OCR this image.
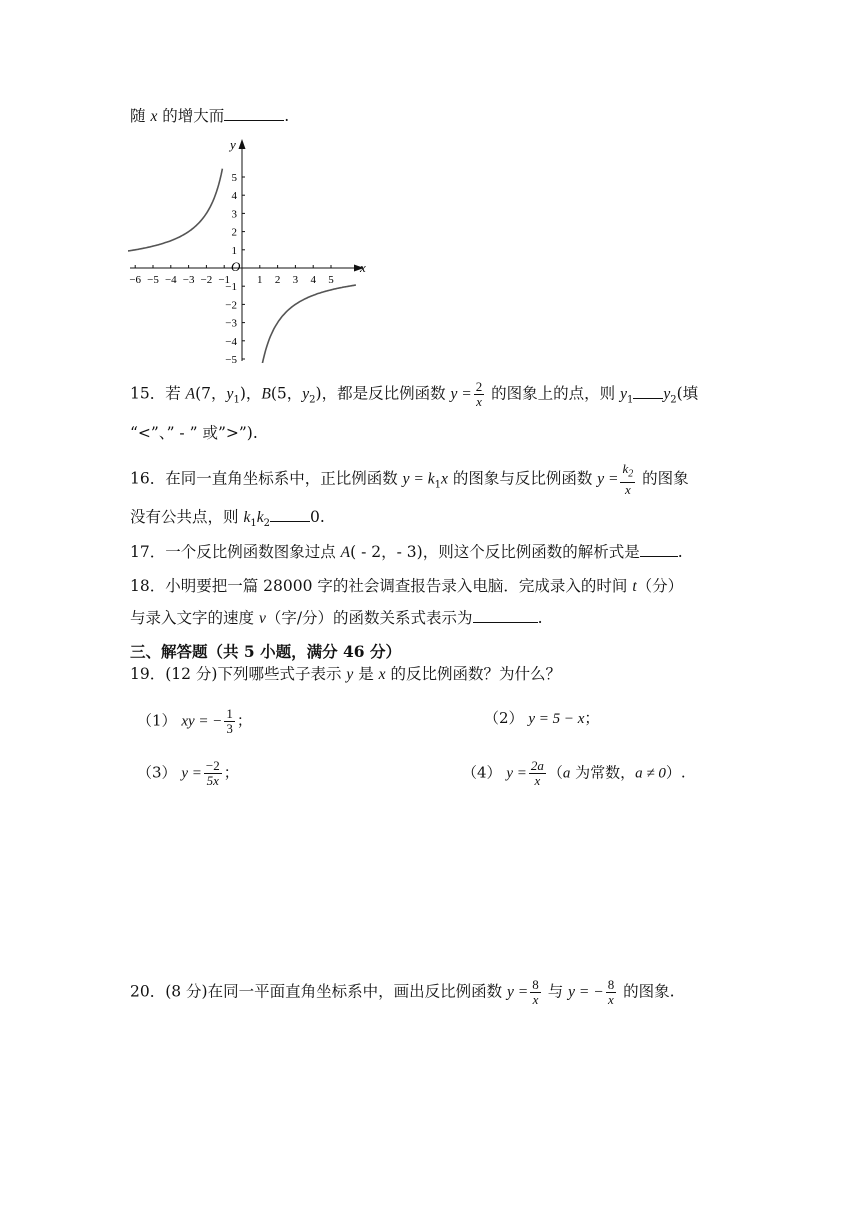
随 x 的增大而	.
x
y
O
−6 −5 −4 −3 −2 −1 1 2 3 4 5
5
4
3
2
1
−1
−2
−3
−4
−5
15．若 A(7，$y_1$)，B(5，$y_2$)，都是反比例函数 $y = \frac{2}{x}$ 的图象上的点，则 $y_1$ $y_2$(填
“<”、” - ” 或”>”).
16．在同一直角坐标系中，正比例函数 $y = k_1x$ 的图象与反比例函数 $y = \frac{k_2}{x}$ 的图象
没有公共点，则 $k_1k_2$	0.
17．一个反比例函数图象过点 A( - 2，- 3)，则这个反比例函数的解析式是 .
18．小明要把一篇 28000 字的社会调查报告录入电脑．完成录入的时间 t（分）
与录入文字的速度 v（字/分）的函数关系式表示为	.
三、解答题（共 5 小题，满分 46 分）
19．(12 分)下列哪些式子表示 y 是 x 的反比例函数？为什么？
（1） xy = − $\frac{1}{3}$ ；	（2） y = 5 − x；
（3） $y = \frac{-2}{5x}$ ；	（4） $y = \frac{2a}{x} (a$ 为常数，a ≠ 0）.
20．(8 分)在同一平面直角坐标系中，画出反比例函数 $y = \frac{8}{x}$ 与 y = − $\frac{8}{x}$ 的图象.
